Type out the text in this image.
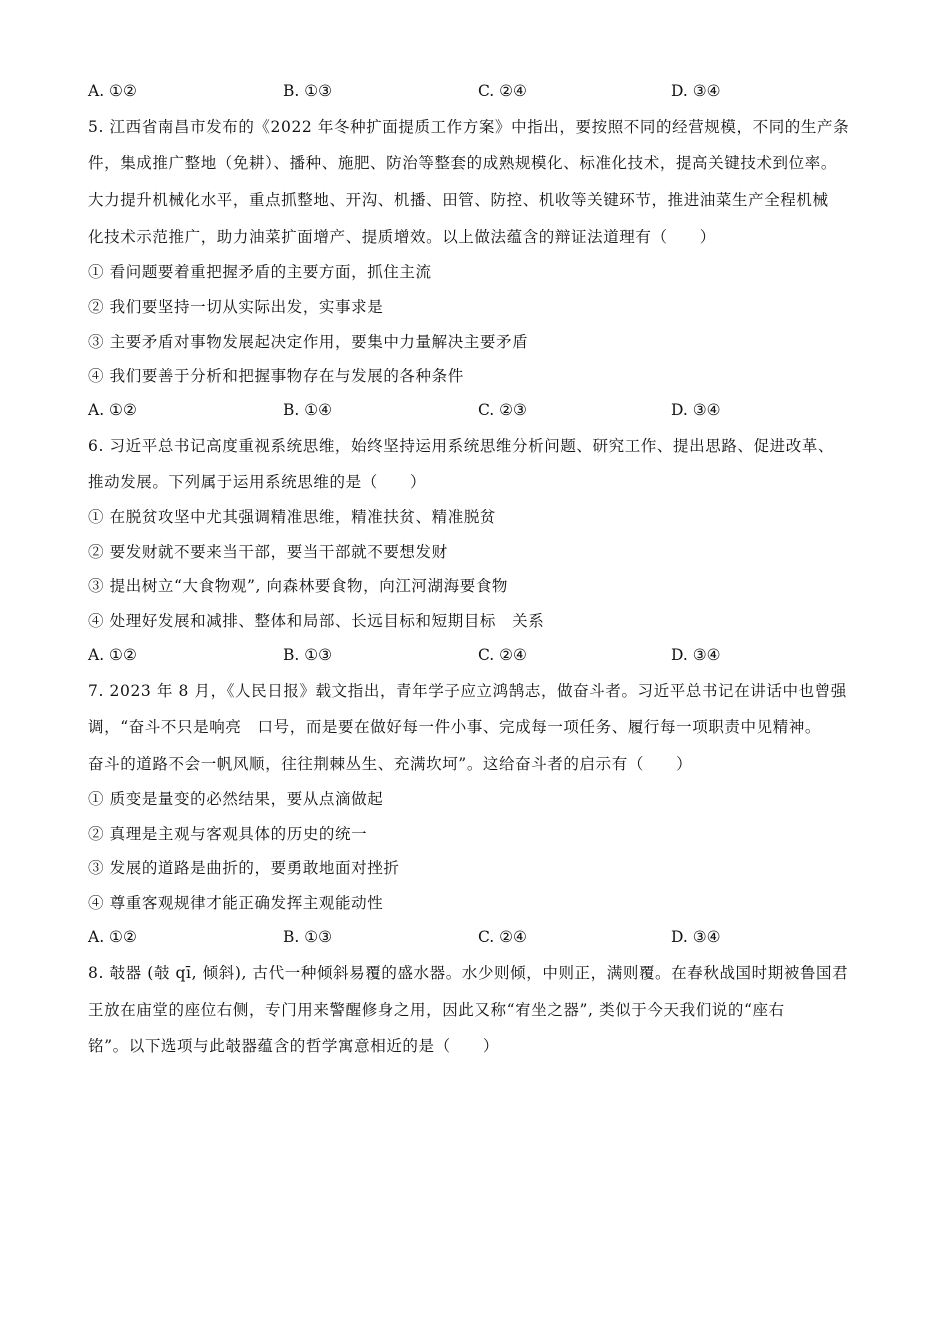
A. ①②	B. ①③	C. ②④	D. ③④
5. 江西省南昌市发布的《2022 年冬种扩面提质工作方案》中指出，要按照不同的经营规模，不同的生产条
件，集成推广整地（免耕）、播种、施肥、防治等整套的成熟规模化、标准化技术，提高关键技术到位率。
大力提升机械化水平，重点抓整地、开沟、机播、田管、防控、机收等关键环节，推进油菜生产全程机械
化技术示范推广，助力油菜扩面增产、提质增效。以上做法蕴含的辩证法道理有（　　）
① 看问题要着重把握矛盾的主要方面，抓住主流
② 我们要坚持一切从实际出发，实事求是
③ 主要矛盾对事物发展起决定作用，要集中力量解决主要矛盾
④ 我们要善于分析和把握事物存在与发展的各种条件
A. ①②	B. ①④	C. ②③	D. ③④
6. 习近平总书记高度重视系统思维，始终坚持运用系统思维分析问题、研究工作、提出思路、促进改革、
推动发展。下列属于运用系统思维的是（　　）
① 在脱贫攻坚中尤其强调精准思维，精准扶贫、精准脱贫
② 要发财就不要来当干部，要当干部就不要想发财
③ 提出树立“大食物观”, 向森林要食物，向江河湖海要食物
④ 处理好发展和减排、整体和局部、长远目标和短期目标　关系
A. ①②	B. ①③	C. ②④	D. ③④
7. 2023 年 8 月，《人民日报》载文指出，青年学子应立鸿鹄志，做奋斗者。习近平总书记在讲话中也曾强
调，“奋斗不只是响亮　口号，而是要在做好每一件小事、完成每一项任务、履行每一项职责中见精神。
奋斗的道路不会一帆风顺，往往荆棘丛生、充满坎坷”。这给奋斗者的启示有（　　）
① 质变是量变的必然结果，要从点滴做起
② 真理是主观与客观具体的历史的统一
③ 发展的道路是曲折的，要勇敢地面对挫折
④ 尊重客观规律才能正确发挥主观能动性
A. ①②	B. ①③	C. ②④	D. ③④
8. 攲器 (攲 qī, 倾斜), 古代一种倾斜易覆的盛水器。水少则倾，中则正，满则覆。在春秋战国时期被鲁国君
王放在庙堂的座位右侧，专门用来警醒修身之用，因此又称“宥坐之器”, 类似于今天我们说的“座右
铭”。以下选项与此攲器蕴含的哲学寓意相近的是（　　）
